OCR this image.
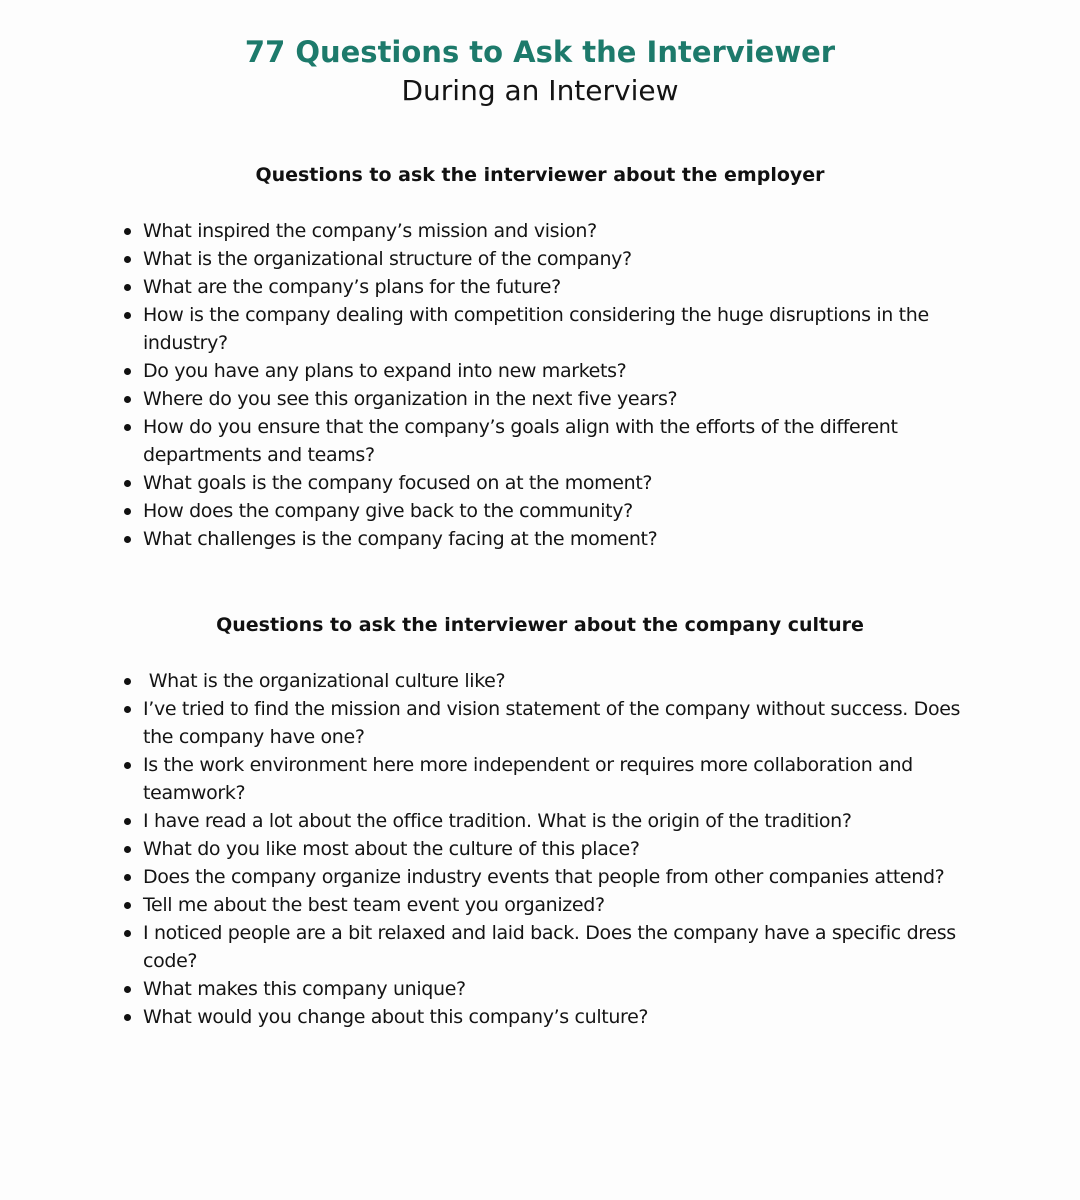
77 Questions to Ask the Interviewer
During an Interview
Questions to ask the interviewer about the employer
What inspired the company’s mission and vision?
What is the organizational structure of the company?
What are the company’s plans for the future?
How is the company dealing with competition considering the huge disruptions in the industry?
Do you have any plans to expand into new markets?
Where do you see this organization in the next five years?
How do you ensure that the company’s goals align with the efforts of the different departments and teams?
What goals is the company focused on at the moment?
How does the company give back to the community?
What challenges is the company facing at the moment?
Questions to ask the interviewer about the company culture
What is the organizational culture like?
I’ve tried to find the mission and vision statement of the company without success. Does the company have one?
Is the work environment here more independent or requires more collaboration and teamwork?
I have read a lot about the office tradition. What is the origin of the tradition?
What do you like most about the culture of this place?
Does the company organize industry events that people from other companies attend?
Tell me about the best team event you organized?
I noticed people are a bit relaxed and laid back. Does the company have a specific dress code?
What makes this company unique?
What would you change about this company’s culture?
